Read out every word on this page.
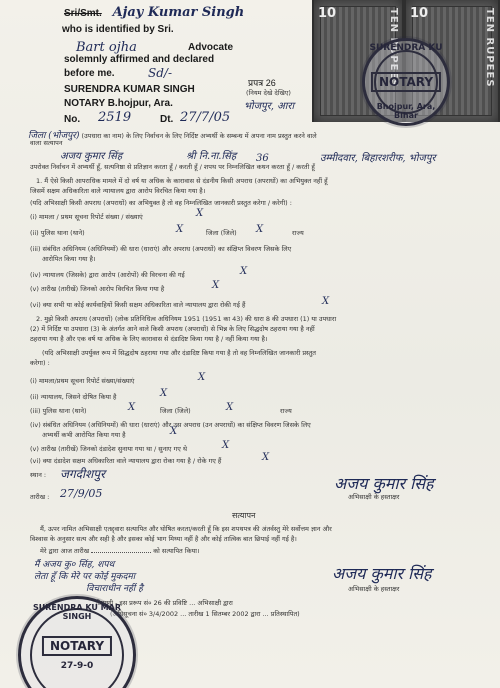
10	TEN RUPEES 10	TEN RUPEES
SURENDRA KU
NOTARY
Bhojpur, Ara, Bihar
Sri/Smt. Ajay Kumar Singh
who is identified by Sri.
Bart ojha	Advocate
solemnly affirmed and declared
before me.	Sd/-
प्रपत्र 26
SURENDRA KUMAR SINGH	(नियम देखे देखिए)
NOTARY B.hojpur, Ara.	भोजपुर, आरा
No. 2519	Dt. 27/7/05
जिला (भोजपुर) (उपधारा का नाम) के लिए निर्वाचन के लिए निर्दिष्ट अभ्यर्थी के सम्बन्ध में अपना नाम प्रस्तुत करने वाले
वाला सत्यापन
अजय कुमार सिंह	श्री नि.ना.सिंह 36	उम्मीदवार, बिहारशरीफ, भोजपुर
उपरोक्त निर्वाचन में अभ्यर्थी हूँ, सत्यनिष्ठा से प्रतिज्ञान करता हूँ / करती हूँ / शपथ पर निम्नलिखित कथन करता हूँ / करती हूँ
1. मैं ऐसे किसी आपराधिक मामले में दो वर्ष या अधिक के कारावास से दंडनीय किसी अपराध (अपराधों) का अभियुक्त नहीं हूँ
जिसमें सक्षम अधिकारिता वाले न्यायालय द्वारा आरोप विरचित किया गया है।
(यदि अभिसाक्षी किसी अपराध (अपराधों) का अभियुक्त है तो वह निम्नलिखित जानकारी प्रस्तुत करेगा / करेगी) :
(i) मामला / प्रथम सूचना रिपोर्ट संख्या / संख्याएं	X
(ii) पुलिस थाना (थाने)	जिला (जिले)	राज्य
X	X
(iii) संबंधित अधिनियम (अधिनियमों) की धारा (धाराएं) और अपराध (अपराधों) का संक्षिप्त विवरण जिसके लिए
आरोपित किया गया है।
(iv) न्यायालय (जिसके) द्वारा आरोप (आरोपों) की विरचना की गई	X
(v) तारीख (तारीखें) जिनको आरोप विरचित किया गया है	X
(vi) क्या सभी या कोई कार्यवाहियों किसी सक्षम अधिकारिता वाले न्यायालय द्वारा रोकी गई हैं	X
2. मुझे किसी अपराध (अपराधों) (लोक प्रतिनिधित्व अधिनियम 1951 (1951 का 43) की धारा 8 की उपधारा (1) या उपधारा
(2) में निर्दिष्ट या उपधारा (3) के अंतर्गत आने वाले किसी अपराध (अपराधों) से भिन्न के लिए सिद्धदोष ठहराया गया है नहीं
ठहराया गया है और एक वर्ष या अधिक के लिए कारावास से दंडादिष्ट किया गया है / नहीं किया गया है।
(यदि अभिसाक्षी उपर्युक्त रूप में सिद्धदोष ठहराया गया और दंडादिष्ट किया गया है तो वह निम्नलिखित जानकारी प्रस्तुत
करेगा) :
(i) मामला/प्रथम सूचना रिपोर्ट संख्या/संख्याएं	X
(ii) न्यायालय, जिसने दोषित किया है	X
(iii) पुलिस थाना (थाने)	जिला (जिले)	राज्य
X	X
(iv) संबंधित अधिनियम (अधिनियमों) की धारा (धाराएं) और उस अपराध (उन अपराधों) का संक्षिप्त विवरण जिसके लिए
अभ्यर्थी कभी आरोपित किया गया है	X
(v) तारीख (तारीखें) जिनको दंडादेश सुनाया गया था / सुनाए गए थे	X
(vi) क्या दंडादेश सक्षम अधिकारिता वाले न्यायालय द्वारा रोका गया है / रोके गए हैं	X
स्थान : जगदीशपुर	अजय कुमार सिंह
अभिसाक्षी के हस्ताक्षर
तारीख : 27/9/05
सत्यापन
मैं, ऊपर नामित अभिसाक्षी एतद्द्वारा सत्यापित और घोषित करता/करती हूँ कि इस शपथपत्र की अंतर्वस्तु मेरे सर्वोत्तम ज्ञान और
विश्वास के अनुसार सत्य और सही है और इसका कोई भाग मिथ्या नहीं है और कोई तात्विक बात छिपाई नहीं गई है।
मेरे द्वारा आज तारीख	को सत्यापित किया।
मैं अजय कु० सिंह, शपथ
लेता हूँ कि मेरे पर कोई मुकदमा
विचाराधीन नहीं है
अजय कुमार सिंह
अभिसाक्षी के हस्ताक्षर
टिप्पणी - इस प्ररूप सं० 26 की प्रविष्टि ... अभिसाक्षी द्वारा
(अधिसूचना सं० 3/4/2002 ... तारीख 1 सितम्बर 2002 द्वारा ... प्रतिस्थापित)
SURENDRA KU MAR SINGH
NOTARY
27-9-0
